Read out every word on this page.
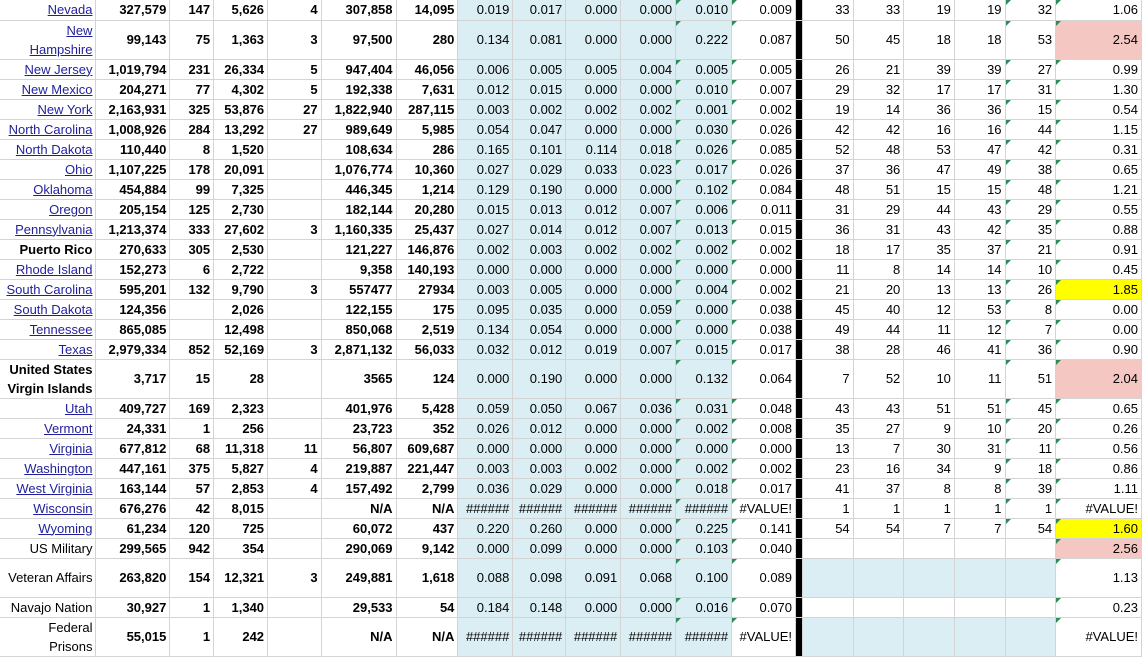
Nevada	327,579	147	5,626	4	307,858	14,095	0.019	0.017	0.000	0.000	0.010	0.009		33	33	19	19	32	1.06
New Hampshire	99,143	75	1,363	3	97,500	280	0.134	0.081	0.000	0.000	0.222	0.087		50	45	18	18	53	2.54
New Jersey	1,019,794	231	26,334	5	947,404	46,056	0.006	0.005	0.005	0.004	0.005	0.005		26	21	39	39	27	0.99
New Mexico	204,271	77	4,302	5	192,338	7,631	0.012	0.015	0.000	0.000	0.010	0.007		29	32	17	17	31	1.30
New York	2,163,931	325	53,876	27	1,822,940	287,115	0.003	0.002	0.002	0.002	0.001	0.002		19	14	36	36	15	0.54
North Carolina	1,008,926	284	13,292	27	989,649	5,985	0.054	0.047	0.000	0.000	0.030	0.026		42	42	16	16	44	1.15
North Dakota	110,440	8	1,520		108,634	286	0.165	0.101	0.114	0.018	0.026	0.085		52	48	53	47	42	0.31
Ohio	1,107,225	178	20,091		1,076,774	10,360	0.027	0.029	0.033	0.023	0.017	0.026		37	36	47	49	38	0.65
Oklahoma	454,884	99	7,325		446,345	1,214	0.129	0.190	0.000	0.000	0.102	0.084		48	51	15	15	48	1.21
Oregon	205,154	125	2,730		182,144	20,280	0.015	0.013	0.012	0.007	0.006	0.011		31	29	44	43	29	0.55
Pennsylvania	1,213,374	333	27,602	3	1,160,335	25,437	0.027	0.014	0.012	0.007	0.013	0.015		36	31	43	42	35	0.88
Puerto Rico	270,633	305	2,530		121,227	146,876	0.002	0.003	0.002	0.002	0.002	0.002		18	17	35	37	21	0.91
Rhode Island	152,273	6	2,722		9,358	140,193	0.000	0.000	0.000	0.000	0.000	0.000		11	8	14	14	10	0.45
South Carolina	595,201	132	9,790	3	557477	27934	0.003	0.005	0.000	0.000	0.004	0.002		21	20	13	13	26	1.85
South Dakota	124,356		2,026		122,155	175	0.095	0.035	0.000	0.059	0.000	0.038		45	40	12	53	8	0.00
Tennessee	865,085		12,498		850,068	2,519	0.134	0.054	0.000	0.000	0.000	0.038		49	44	11	12	7	0.00
Texas	2,979,334	852	52,169	3	2,871,132	56,033	0.032	0.012	0.019	0.007	0.015	0.017		38	28	46	41	36	0.90
United States Virgin Islands	3,717	15	28		3565	124	0.000	0.190	0.000	0.000	0.132	0.064		7	52	10	11	51	2.04
Utah	409,727	169	2,323		401,976	5,428	0.059	0.050	0.067	0.036	0.031	0.048		43	43	51	51	45	0.65
Vermont	24,331	1	256		23,723	352	0.026	0.012	0.000	0.000	0.002	0.008		35	27	9	10	20	0.26
Virginia	677,812	68	11,318	11	56,807	609,687	0.000	0.000	0.000	0.000	0.000	0.000		13	7	30	31	11	0.56
Washington	447,161	375	5,827	4	219,887	221,447	0.003	0.003	0.002	0.000	0.002	0.002		23	16	34	9	18	0.86
West Virginia	163,144	57	2,853	4	157,492	2,799	0.036	0.029	0.000	0.000	0.018	0.017		41	37	8	8	39	1.11
Wisconsin	676,276	42	8,015		N/A	N/A	######	######	######	######	######	#VALUE!		1	1	1	1	1	#VALUE!
Wyoming	61,234	120	725		60,072	437	0.220	0.260	0.000	0.000	0.225	0.141		54	54	7	7	54	1.60
US Military	299,565	942	354		290,069	9,142	0.000	0.099	0.000	0.000	0.103	0.040							2.56
Veteran Affairs	263,820	154	12,321	3	249,881	1,618	0.088	0.098	0.091	0.068	0.100	0.089							1.13
Navajo Nation	30,927	1	1,340		29,533	54	0.184	0.148	0.000	0.000	0.016	0.070							0.23
Federal Prisons	55,015	1	242		N/A	N/A	######	######	######	######	######	#VALUE!							#VALUE!
